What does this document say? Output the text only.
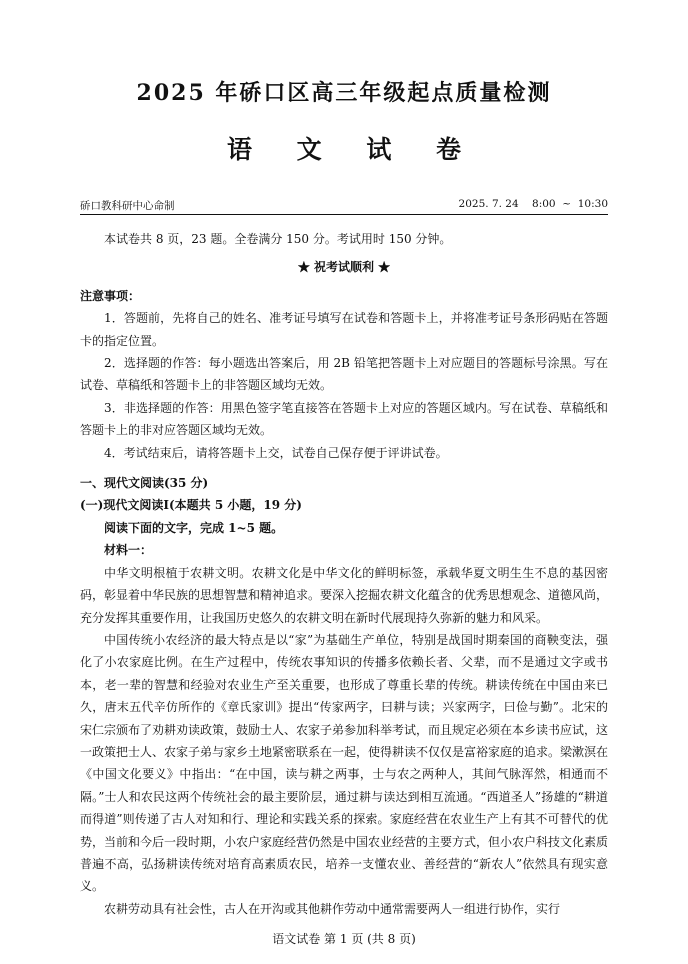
2025 年硚口区高三年级起点质量检测
语 文 试 卷
硚口教科研中心命制	2025. 7. 24    8:00  ~  10:30

本试卷共 8 页，23 题。全卷满分 150 分。考试用时 150 分钟。

★ 祝考试顺利 ★

注意事项：

1．答题前，先将自己的姓名、准考证号填写在试卷和答题卡上，并将准考证号条形码贴在答题卡的指定位置。

2．选择题的作答：每小题选出答案后，用 2B 铅笔把答题卡上对应题目的答题标号涂黑。写在试卷、草稿纸和答题卡上的非答题区域均无效。

3．非选择题的作答：用黑色签字笔直接答在答题卡上对应的答题区域内。写在试卷、草稿纸和答题卡上的非对应答题区域均无效。

4．考试结束后，请将答题卡上交，试卷自己保存便于评讲试卷。

一、现代文阅读(35 分)

(一)现代文阅读Ⅰ(本题共 5 小题，19 分)

阅读下面的文字，完成 1~5 题。

材料一：

中华文明根植于农耕文明。农耕文化是中华文化的鲜明标签，承载华夏文明生生不息的基因密码，彰显着中华民族的思想智慧和精神追求。要深入挖掘农耕文化蕴含的优秀思想观念、道德风尚，充分发挥其重要作用，让我国历史悠久的农耕文明在新时代展现持久弥新的魅力和风采。

中国传统小农经济的最大特点是以“家”为基础生产单位，特别是战国时期秦国的商鞅变法，强化了小农家庭比例。在生产过程中，传统农事知识的传播多依赖长者、父辈，而不是通过文字或书本，老一辈的智慧和经验对农业生产至关重要，也形成了尊重长辈的传统。耕读传统在中国由来已久，唐末五代辛仿所作的《章氏家训》提出“传家两字，曰耕与读；兴家两字，曰俭与勤”。北宋的宋仁宗颁布了劝耕劝读政策，鼓励士人、农家子弟参加科举考试，而且规定必须在本乡读书应试，这一政策把士人、农家子弟与家乡土地紧密联系在一起，使得耕读不仅仅是富裕家庭的追求。梁漱溟在《中国文化要义》中指出：“在中国，读与耕之两事，士与农之两种人，其间气脉浑然，相通而不隔。”士人和农民这两个传统社会的最主要阶层，通过耕与读达到相互流通。“西道圣人”扬雄的“耕道而得道”则传递了古人对知和行、理论和实践关系的探索。家庭经营在农业生产上有其不可替代的优势，当前和今后一段时期，小农户家庭经营仍然是中国农业经营的主要方式，但小农户科技文化素质普遍不高，弘扬耕读传统对培育高素质农民，培养一支懂农业、善经营的“新农人”依然具有现实意义。

农耕劳动具有社会性，古人在开沟或其他耕作劳动中通常需要两人一组进行协作，实行

语文试卷 第 1 页 (共 8 页)
